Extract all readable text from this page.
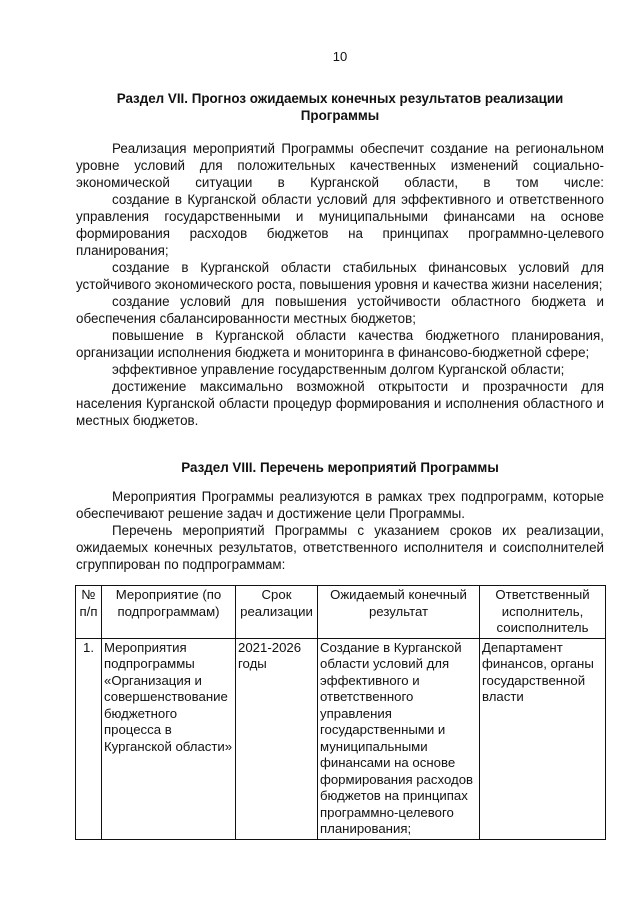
10
Раздел VII. Прогноз ожидаемых конечных результатов реализации Программы

Реализация мероприятий Программы обеспечит создание на региональном уровне условий для положительных качественных изменений социально-экономической ситуации в Курганской области, в том числе:

создание в Курганской области условий для эффективного и ответственного управления государственными и муниципальными финансами на основе формирования расходов бюджетов на принципах программно-целевого планирования;

создание в Курганской области стабильных финансовых условий для устойчивого экономического роста, повышения уровня и качества жизни населения;

создание условий для повышения устойчивости областного бюджета и обеспечения сбалансированности местных бюджетов;

повышение в Курганской области качества бюджетного планирования, организации исполнения бюджета и мониторинга в финансово-бюджетной сфере;

эффективное управление государственным долгом Курганской области;

достижение максимально возможной открытости и прозрачности для населения Курганской области процедур формирования и исполнения областного и местных бюджетов.

Раздел VIII. Перечень мероприятий Программы

Мероприятия Программы реализуются в рамках трех подпрограмм, которые обеспечивают решение задач и достижение цели Программы.

Перечень мероприятий Программы с указанием сроков их реализации, ожидаемых конечных результатов, ответственного исполнителя и соисполнителей сгруппирован по подпрограммам:

№ п/п	Мероприятие (по подпрограммам)	Срок реализации	Ожидаемый конечный результат	Ответственный исполнитель, соисполнитель
1.	Мероприятия подпрограммы «Организация и совершенствование бюджетного процесса в Курганской области»	2021-2026 годы	Создание в Курганской области условий для эффективного и ответственного управления государственными и муниципальными финансами на основе формирования расходов бюджетов на принципах программно-целевого планирования;	Департамент финансов, органы государственной власти
